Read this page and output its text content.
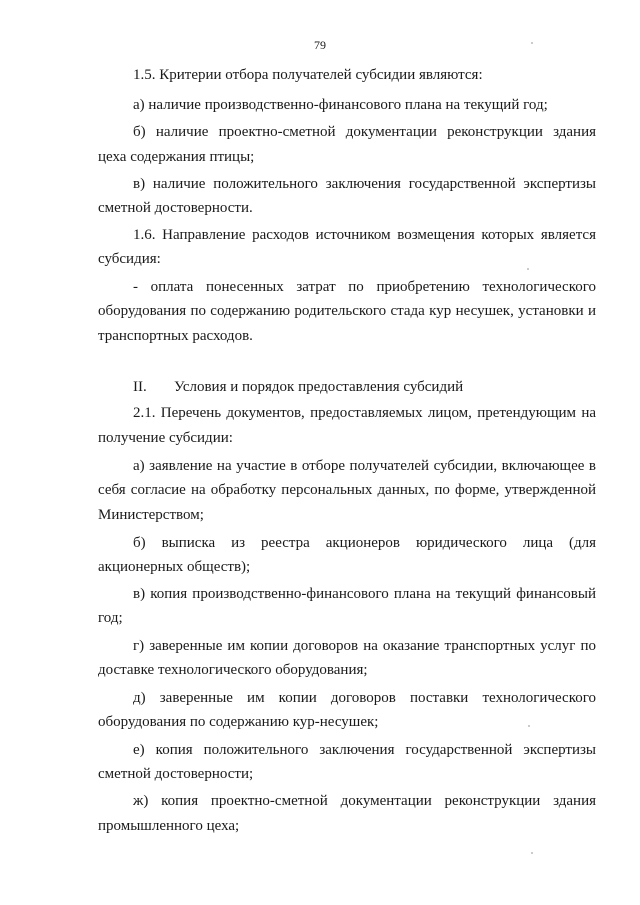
79
1.5. Критерии отбора получателей субсидии являются:
а) наличие производственно-финансового плана на текущий год;
б) наличие проектно-сметной документации реконструкции здания
цеха содержания птицы;
в) наличие положительного заключения государственной экспертизы
сметной достоверности.
1.6. Направление расходов источником возмещения которых является
субсидия:
- оплата понесенных затрат по приобретению технологического
оборудования по содержанию родительского стада кур несушек, установки и
транспортных расходов.
II. Условия и порядок предоставления субсидий
2.1. Перечень документов, предоставляемых лицом, претендующим на
получение субсидии:
а) заявление на участие в отборе получателей субсидии, включающее в
себя согласие на обработку персональных данных, по форме, утвержденной
Министерством;
б) выписка из реестра акционеров юридического лица (для
акционерных обществ);
в) копия производственно-финансового плана на текущий финансовый
год;
г) заверенные им копии договоров на оказание транспортных услуг по
доставке технологического оборудования;
д) заверенные им копии договоров поставки технологического
оборудования по содержанию кур-несушек;
е) копия положительного заключения государственной экспертизы
сметной достоверности;
ж) копия проектно-сметной документации реконструкции здания
промышленного цеха;
